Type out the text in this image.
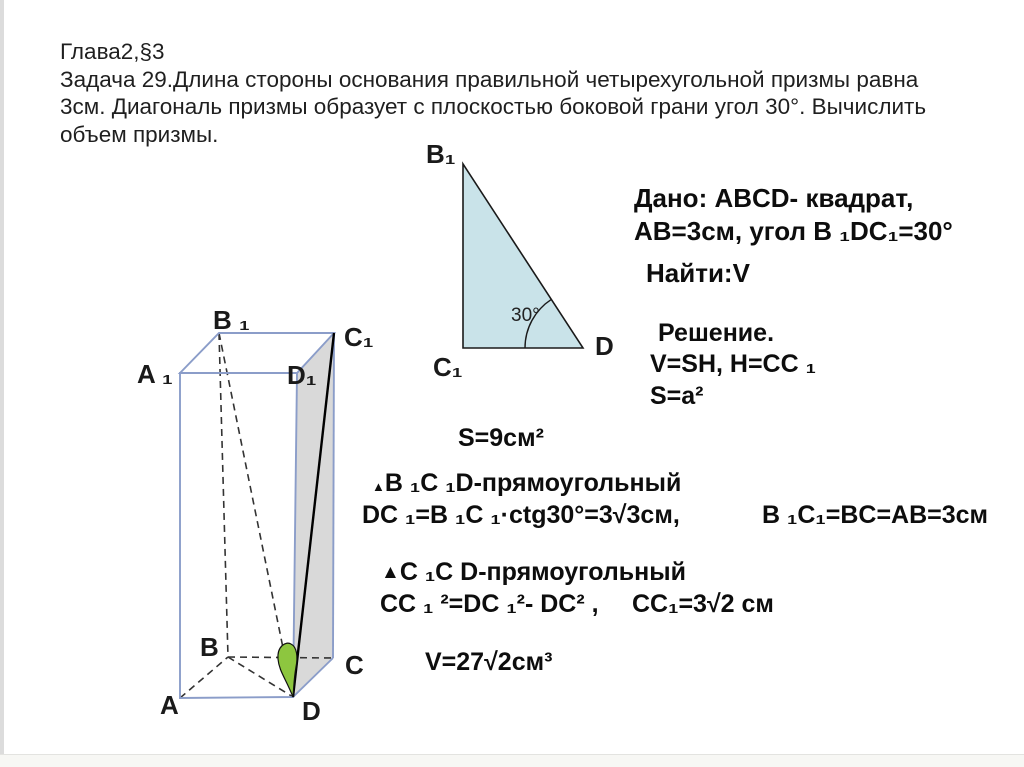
Глава2,§3
Задача 29.Длина стороны основания правильной четырехугольной призмы равна
3см. Диагональ призмы образует с плоскостью боковой грани угол 30°. Вычислить
объем призмы.
B₁
C₁
D
30°
A ₁
B ₁
C₁
D₁
B
C
A	D
Дано: ABCD- квадрат,
AB=3см, угол B ₁DC₁=30°
Найти:V
Решение.
V=SH, H=CC ₁
S=a²
S=9см²
▲B ₁C ₁D-прямоугольный
DC ₁=B ₁C ₁·ctg30°=3√3см,	B ₁C₁=BC=AB=3см
▲C ₁C D-прямоугольный
CC ₁ ²=DC ₁²- DC² , CC₁=3√2 см
V=27√2см³
